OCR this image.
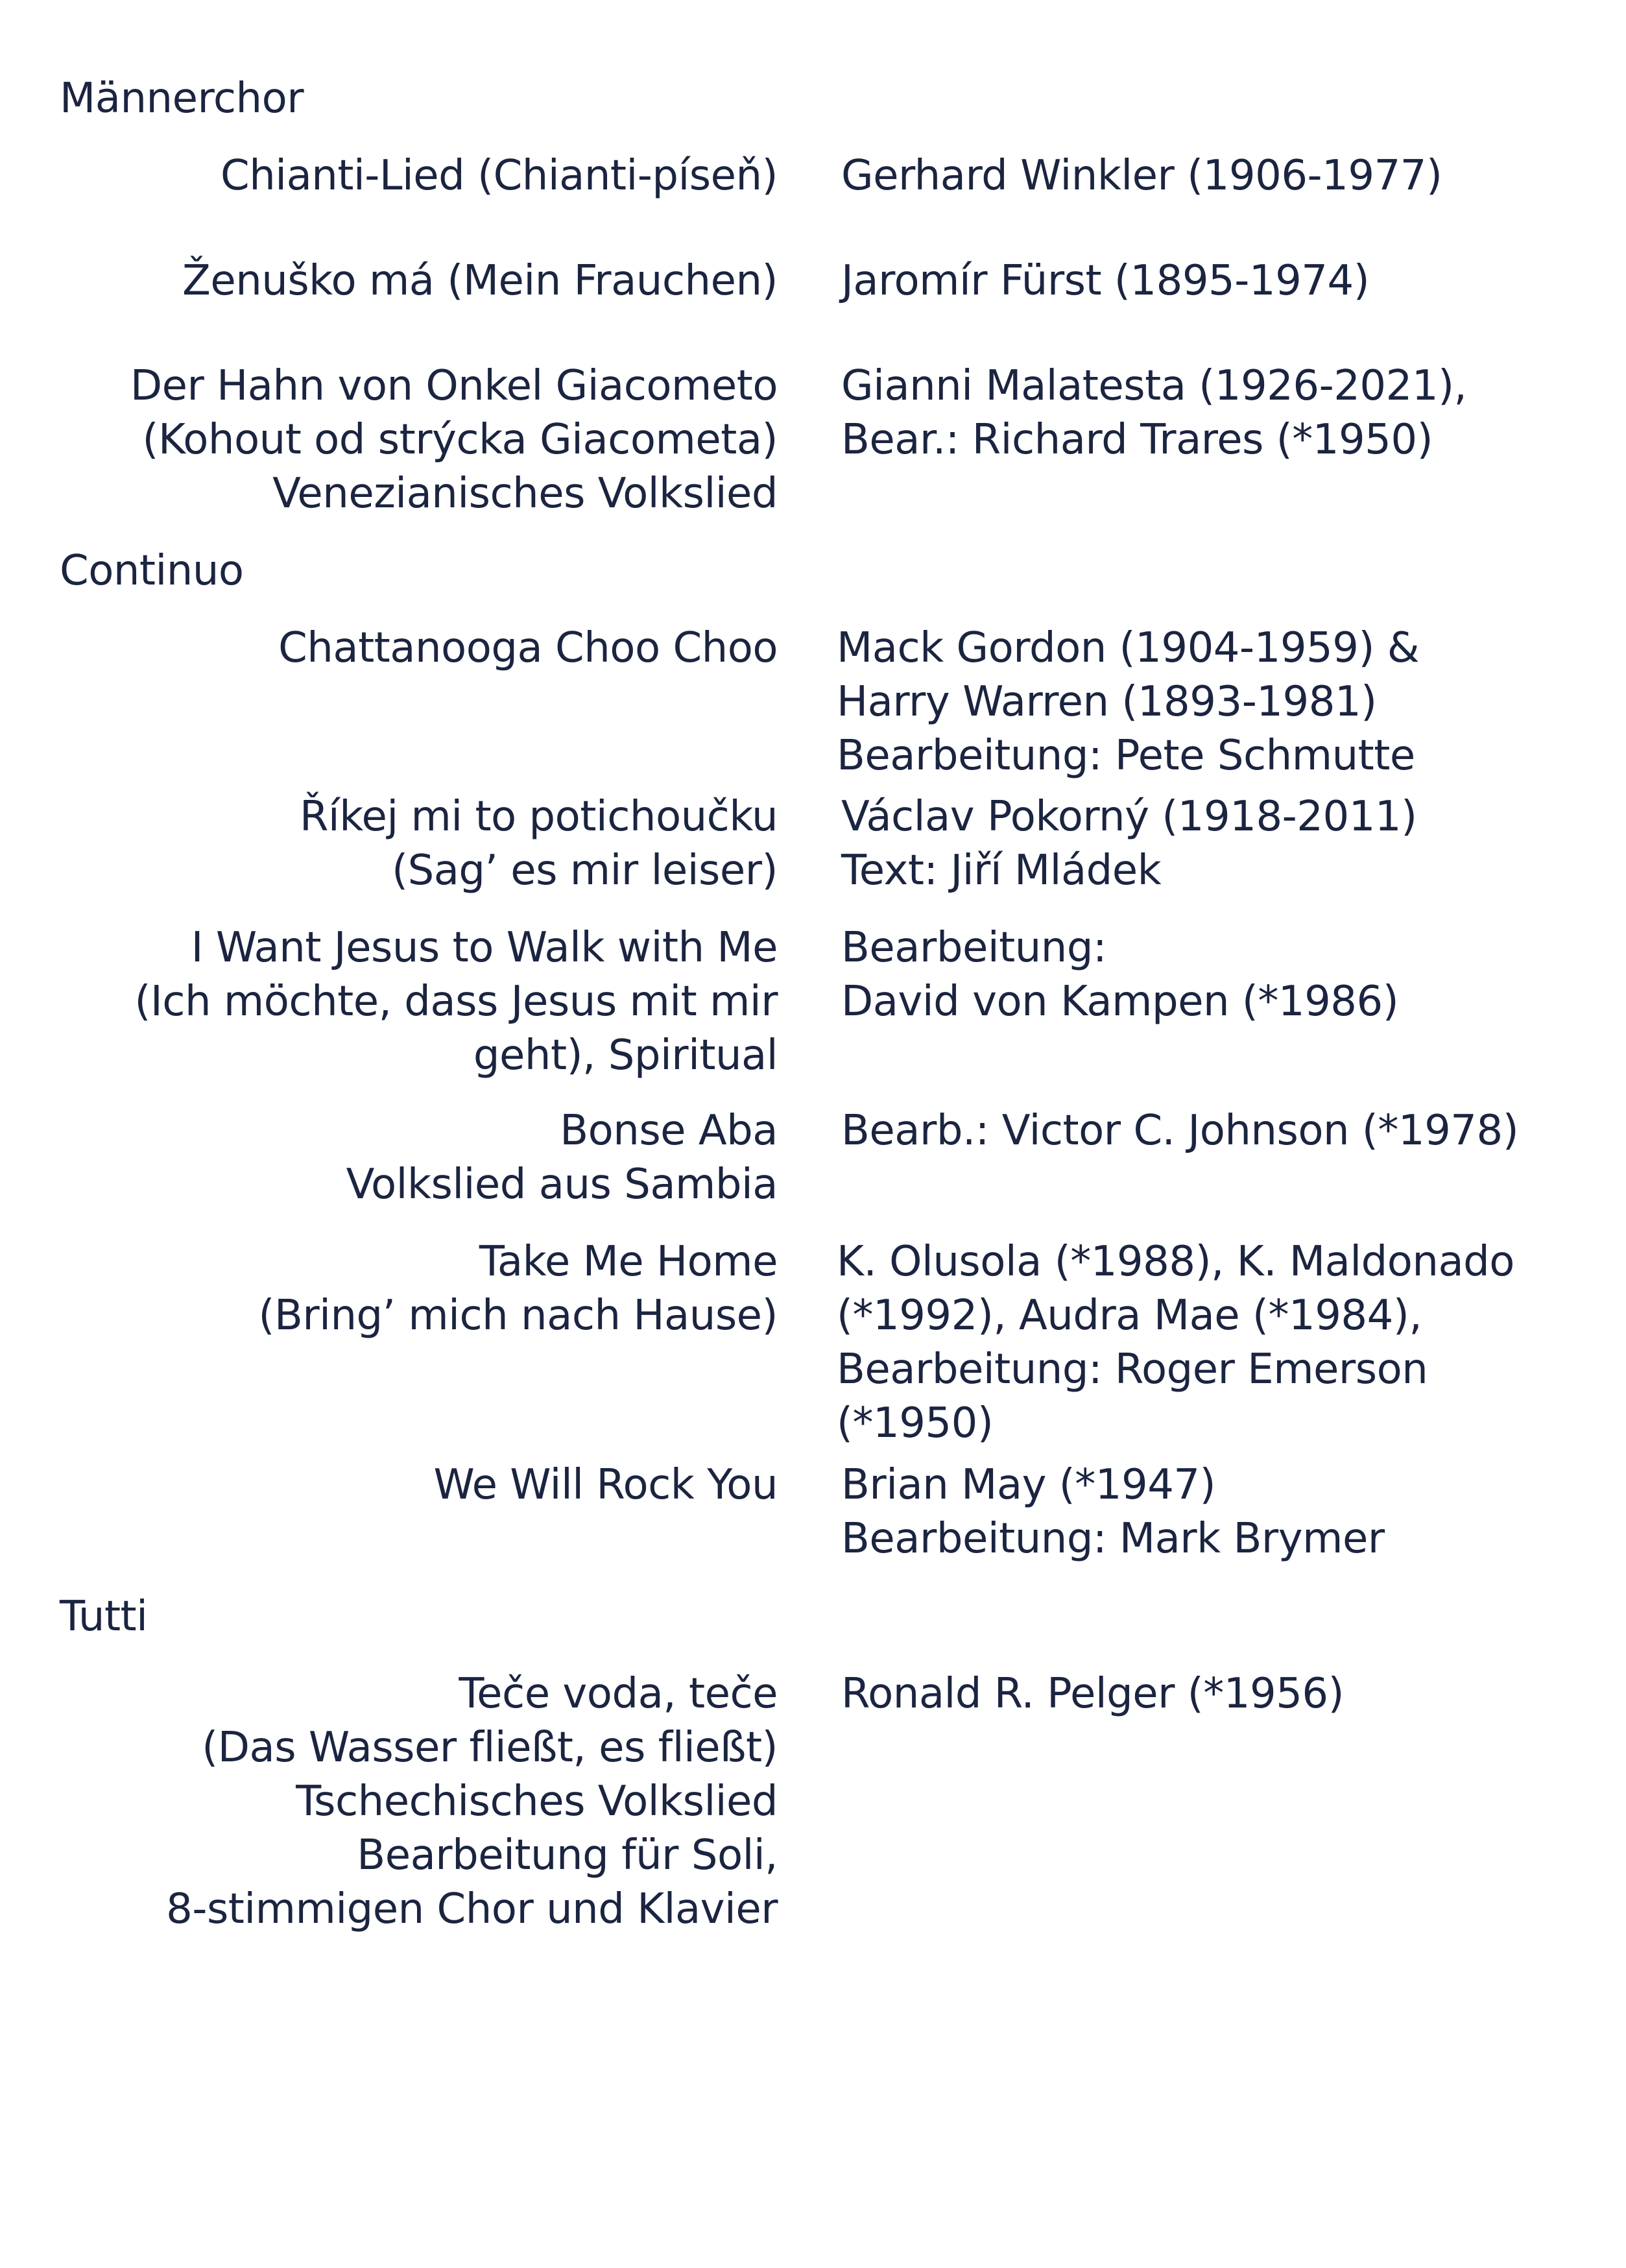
Männerchor
Chianti-Lied (Chianti-píseň) Gerhard Winkler (1906-1977)
Ženuško má (Mein Frauchen) Jaromír Fürst (1895-1974)
Der Hahn von Onkel Giacometo
(Kohout od strýcka Giacometa)
Venezianisches Volkslied
Gianni Malatesta (1926-2021),
Bear.: Richard Trares (*1950)
Continuo
Chattanooga Choo Choo Mack Gordon (1904-1959) &
Harry Warren (1893-1981)
Bearbeitung: Pete Schmutte
Říkej mi to potichoučku
(Sag’ es mir leiser)
Václav Pokorný (1918-2011)
Text: Jiří Mládek
I Want Jesus to Walk with Me
(Ich möchte, dass Jesus mit mir
geht), Spiritual
Bearbeitung:
David von Kampen (*1986)
Bonse Aba
Volkslied aus Sambia
Bearb.: Victor C. Johnson (*1978)
Take Me Home
(Bring’ mich nach Hause)
K. Olusola (*1988), K. Maldonado
(*1992), Audra Mae (*1984),
Bearbeitung: Roger Emerson
(*1950)
We Will Rock You Brian May (*1947)
Bearbeitung: Mark Brymer
Tutti
Teče voda, teče
(Das Wasser fließt, es fließt)
Tschechisches Volkslied
Bearbeitung für Soli,
8-stimmigen Chor und Klavier
Ronald R. Pelger (*1956)
